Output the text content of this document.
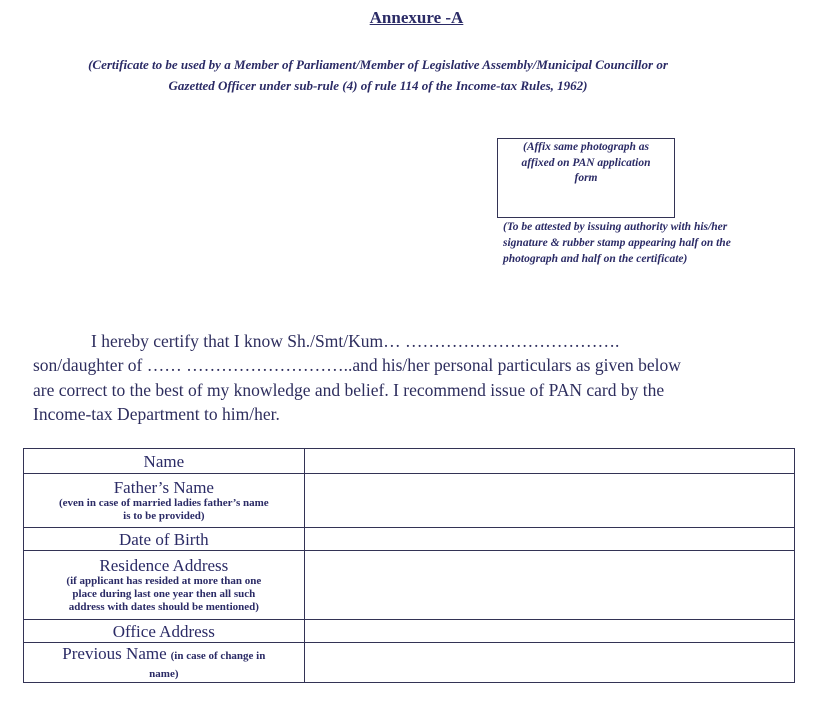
Annexure -A
(Certificate to be used by a Member of Parliament/Member of Legislative Assembly/Municipal Councillor or
Gazetted Officer under sub-rule (4) of rule 114 of the Income-tax Rules, 1962)
(Affix same photograph as
affixed on PAN application
form
(To be attested by issuing authority with his/her
signature & rubber stamp appearing half on the
photograph and half on the certificate)
I hereby certify that I know Sh./Smt/Kum… ……………………………….
son/daughter of …… ………………………..and his/her personal particulars as given below
are correct to the best of my knowledge and belief. I recommend issue of PAN card by the
Income-tax Department to him/her.
Name	

Father’s Name
(even in case of married ladies father’s name
is to be provided)	

Date of Birth	

Residence Address
(if applicant has resided at more than one
place during last one year then all such
address with dates should be mentioned)	

Office Address	

Previous Name (in case of change in
name)	
